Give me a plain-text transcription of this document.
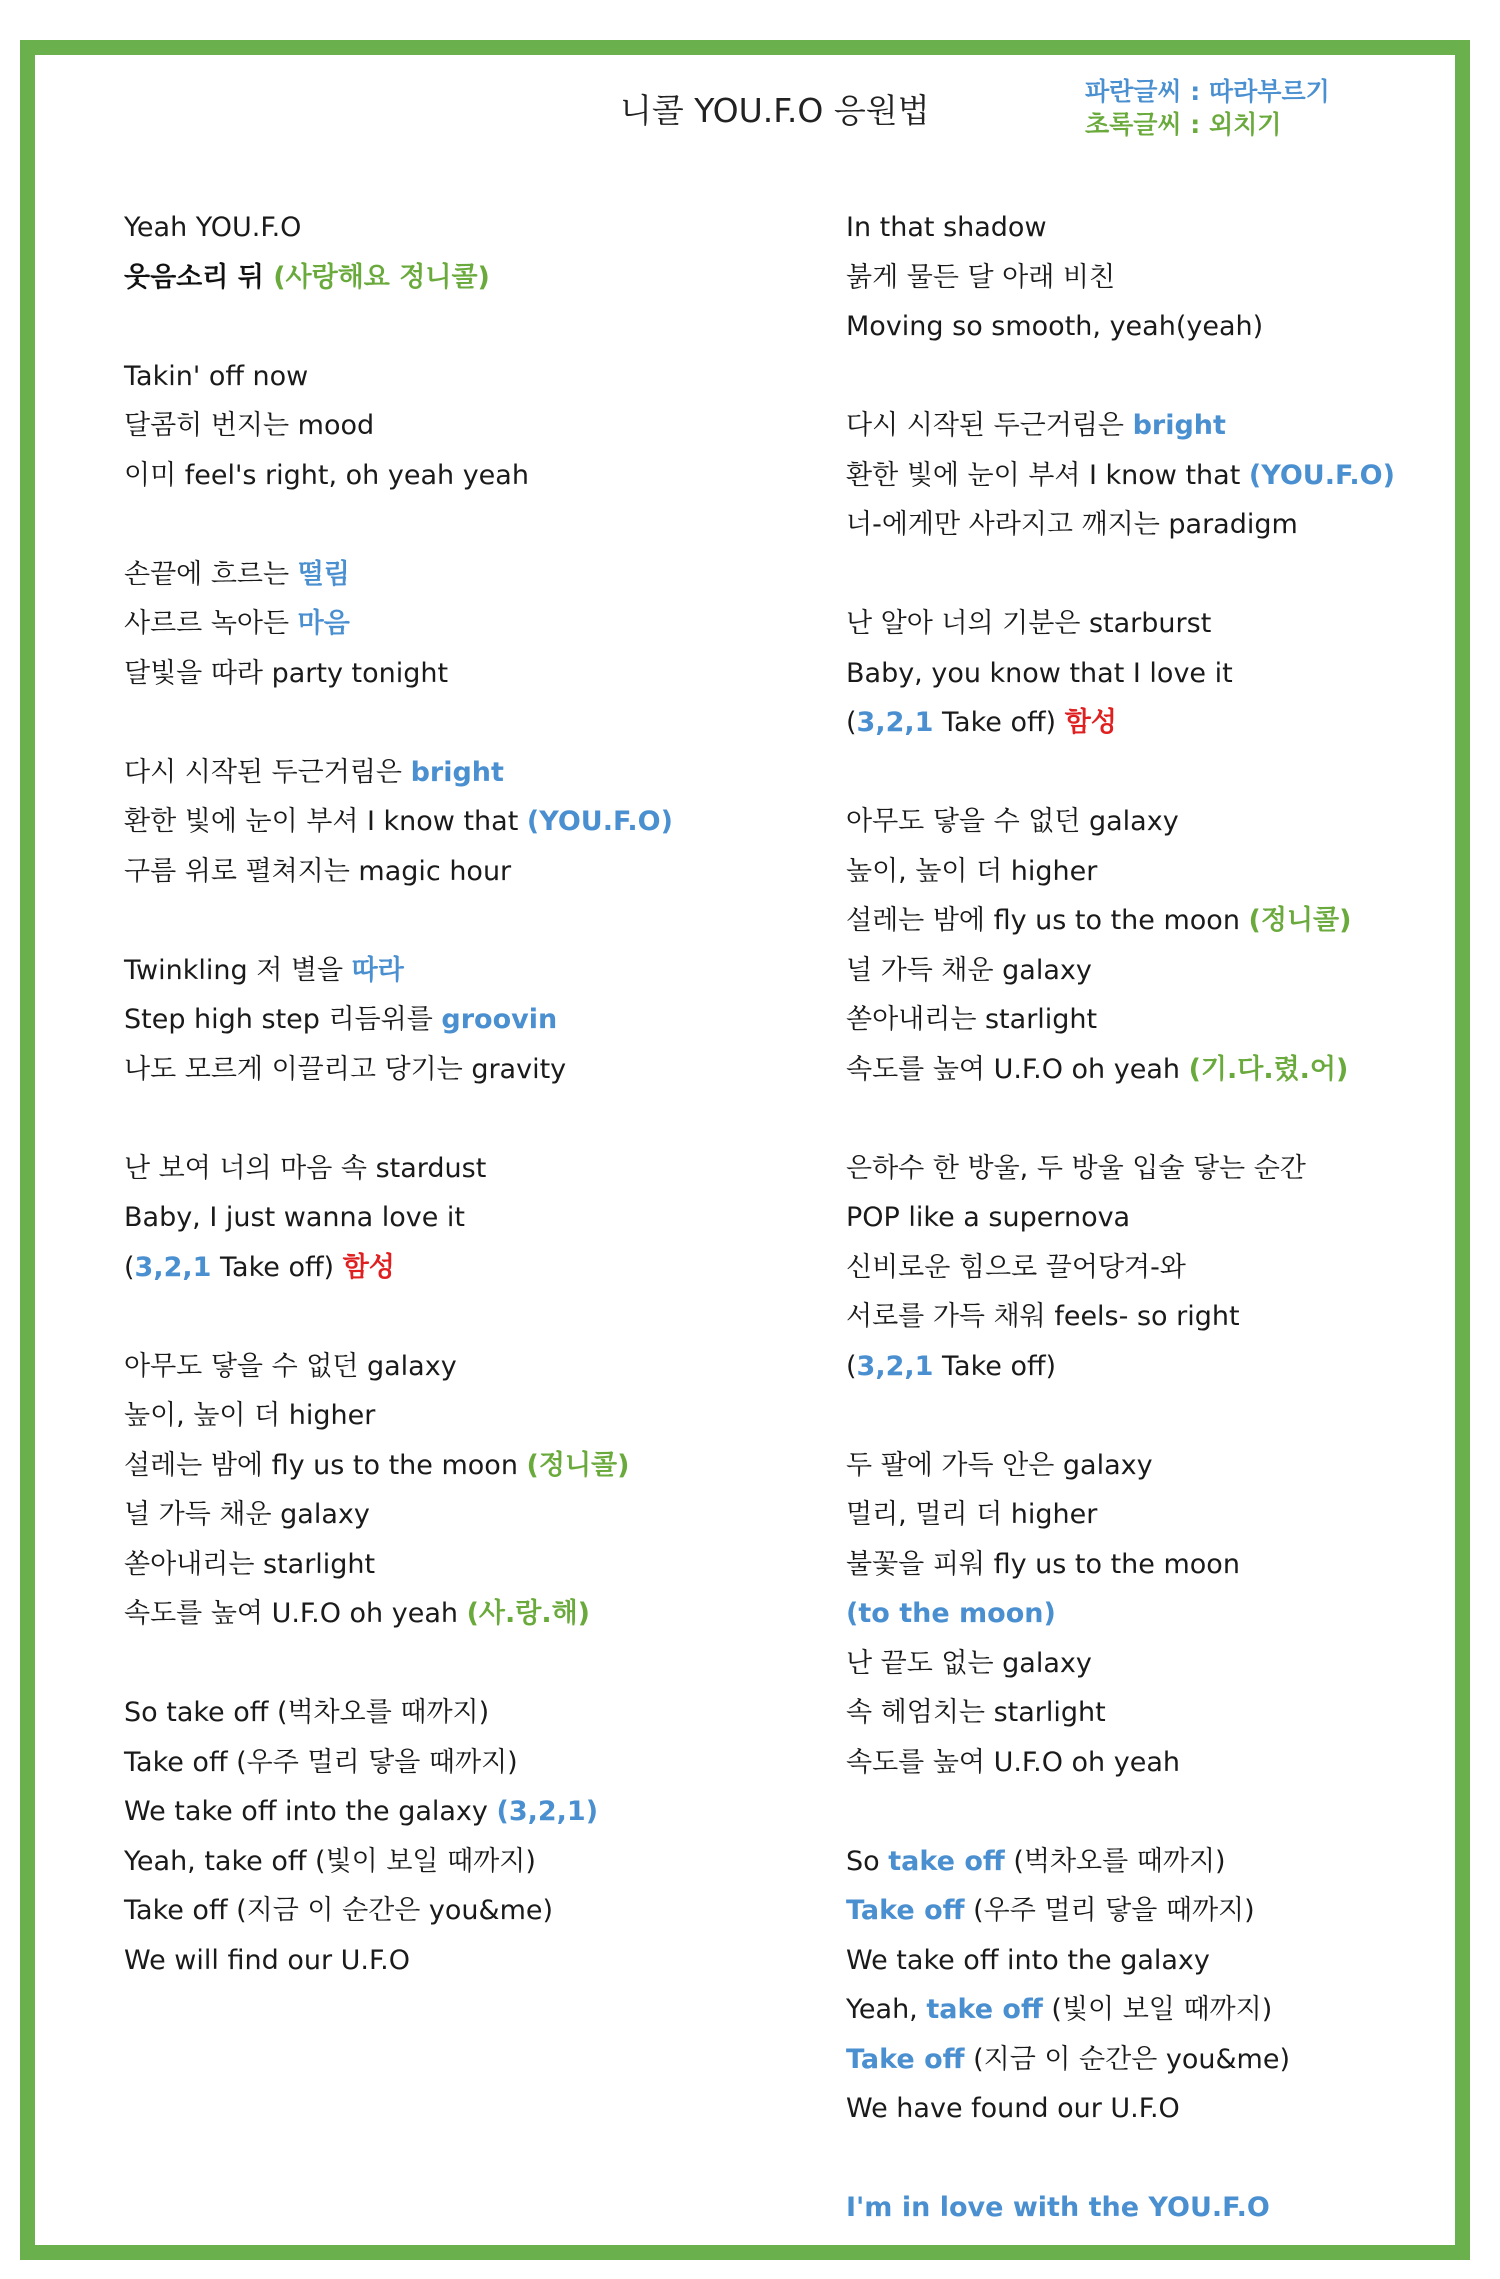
니콜 YOU.F.O 응원법	파란글씨 : 따라부르기
초록글씨 : 외치기
Yeah YOU.F.O
웃음소리 뒤 (사랑해요 정니콜)
Takin' off now
달콤히 번지는 mood
이미 feel's right, oh yeah yeah
손끝에 흐르는 떨림
사르르 녹아든 마음
달빛을 따라 party tonight
다시 시작된 두근거림은 bright
환한 빛에 눈이 부셔 I know that (YOU.F.O)
구름 위로 펼쳐지는 magic hour
Twinkling 저 별을 따라
Step high step 리듬위를 groovin
나도 모르게 이끌리고 당기는 gravity
난 보여 너의 마음 속 stardust
Baby, I just wanna love it
(3,2,1 Take off) 함성
아무도 닿을 수 없던 galaxy
높이, 높이 더 higher
설레는 밤에 fly us to the moon (정니콜)
널 가득 채운 galaxy
쏟아내리는 starlight
속도를 높여 U.F.O oh yeah (사.랑.해)
So take off (벅차오를 때까지)
Take off (우주 멀리 닿을 때까지)
We take off into the galaxy (3,2,1)
Yeah, take off (빛이 보일 때까지)
Take off (지금 이 순간은 you&me)
We will find our U.F.O
In that shadow
붉게 물든 달 아래 비친
Moving so smooth, yeah(yeah)
다시 시작된 두근거림은 bright
환한 빛에 눈이 부셔 I know that (YOU.F.O)
너-에게만 사라지고 깨지는 paradigm
난 알아 너의 기분은 starburst
Baby, you know that I love it
(3,2,1 Take off) 함성
아무도 닿을 수 없던 galaxy
높이, 높이 더 higher
설레는 밤에 fly us to the moon (정니콜)
널 가득 채운 galaxy
쏟아내리는 starlight
속도를 높여 U.F.O oh yeah (기.다.렸.어)
은하수 한 방울, 두 방울 입술 닿는 순간
POP like a supernova
신비로운 힘으로 끌어당겨-와
서로를 가득 채워 feels- so right
(3,2,1 Take off)
두 팔에 가득 안은 galaxy
멀리, 멀리 더 higher
불꽃을 피워 fly us to the moon
(to the moon)
난 끝도 없는 galaxy
속 헤엄치는 starlight
속도를 높여 U.F.O oh yeah
So take off (벅차오를 때까지)
Take off (우주 멀리 닿을 때까지)
We take off into the galaxy
Yeah, take off (빛이 보일 때까지)
Take off (지금 이 순간은 you&me)
We have found our U.F.O
I'm in love with the YOU.F.O
